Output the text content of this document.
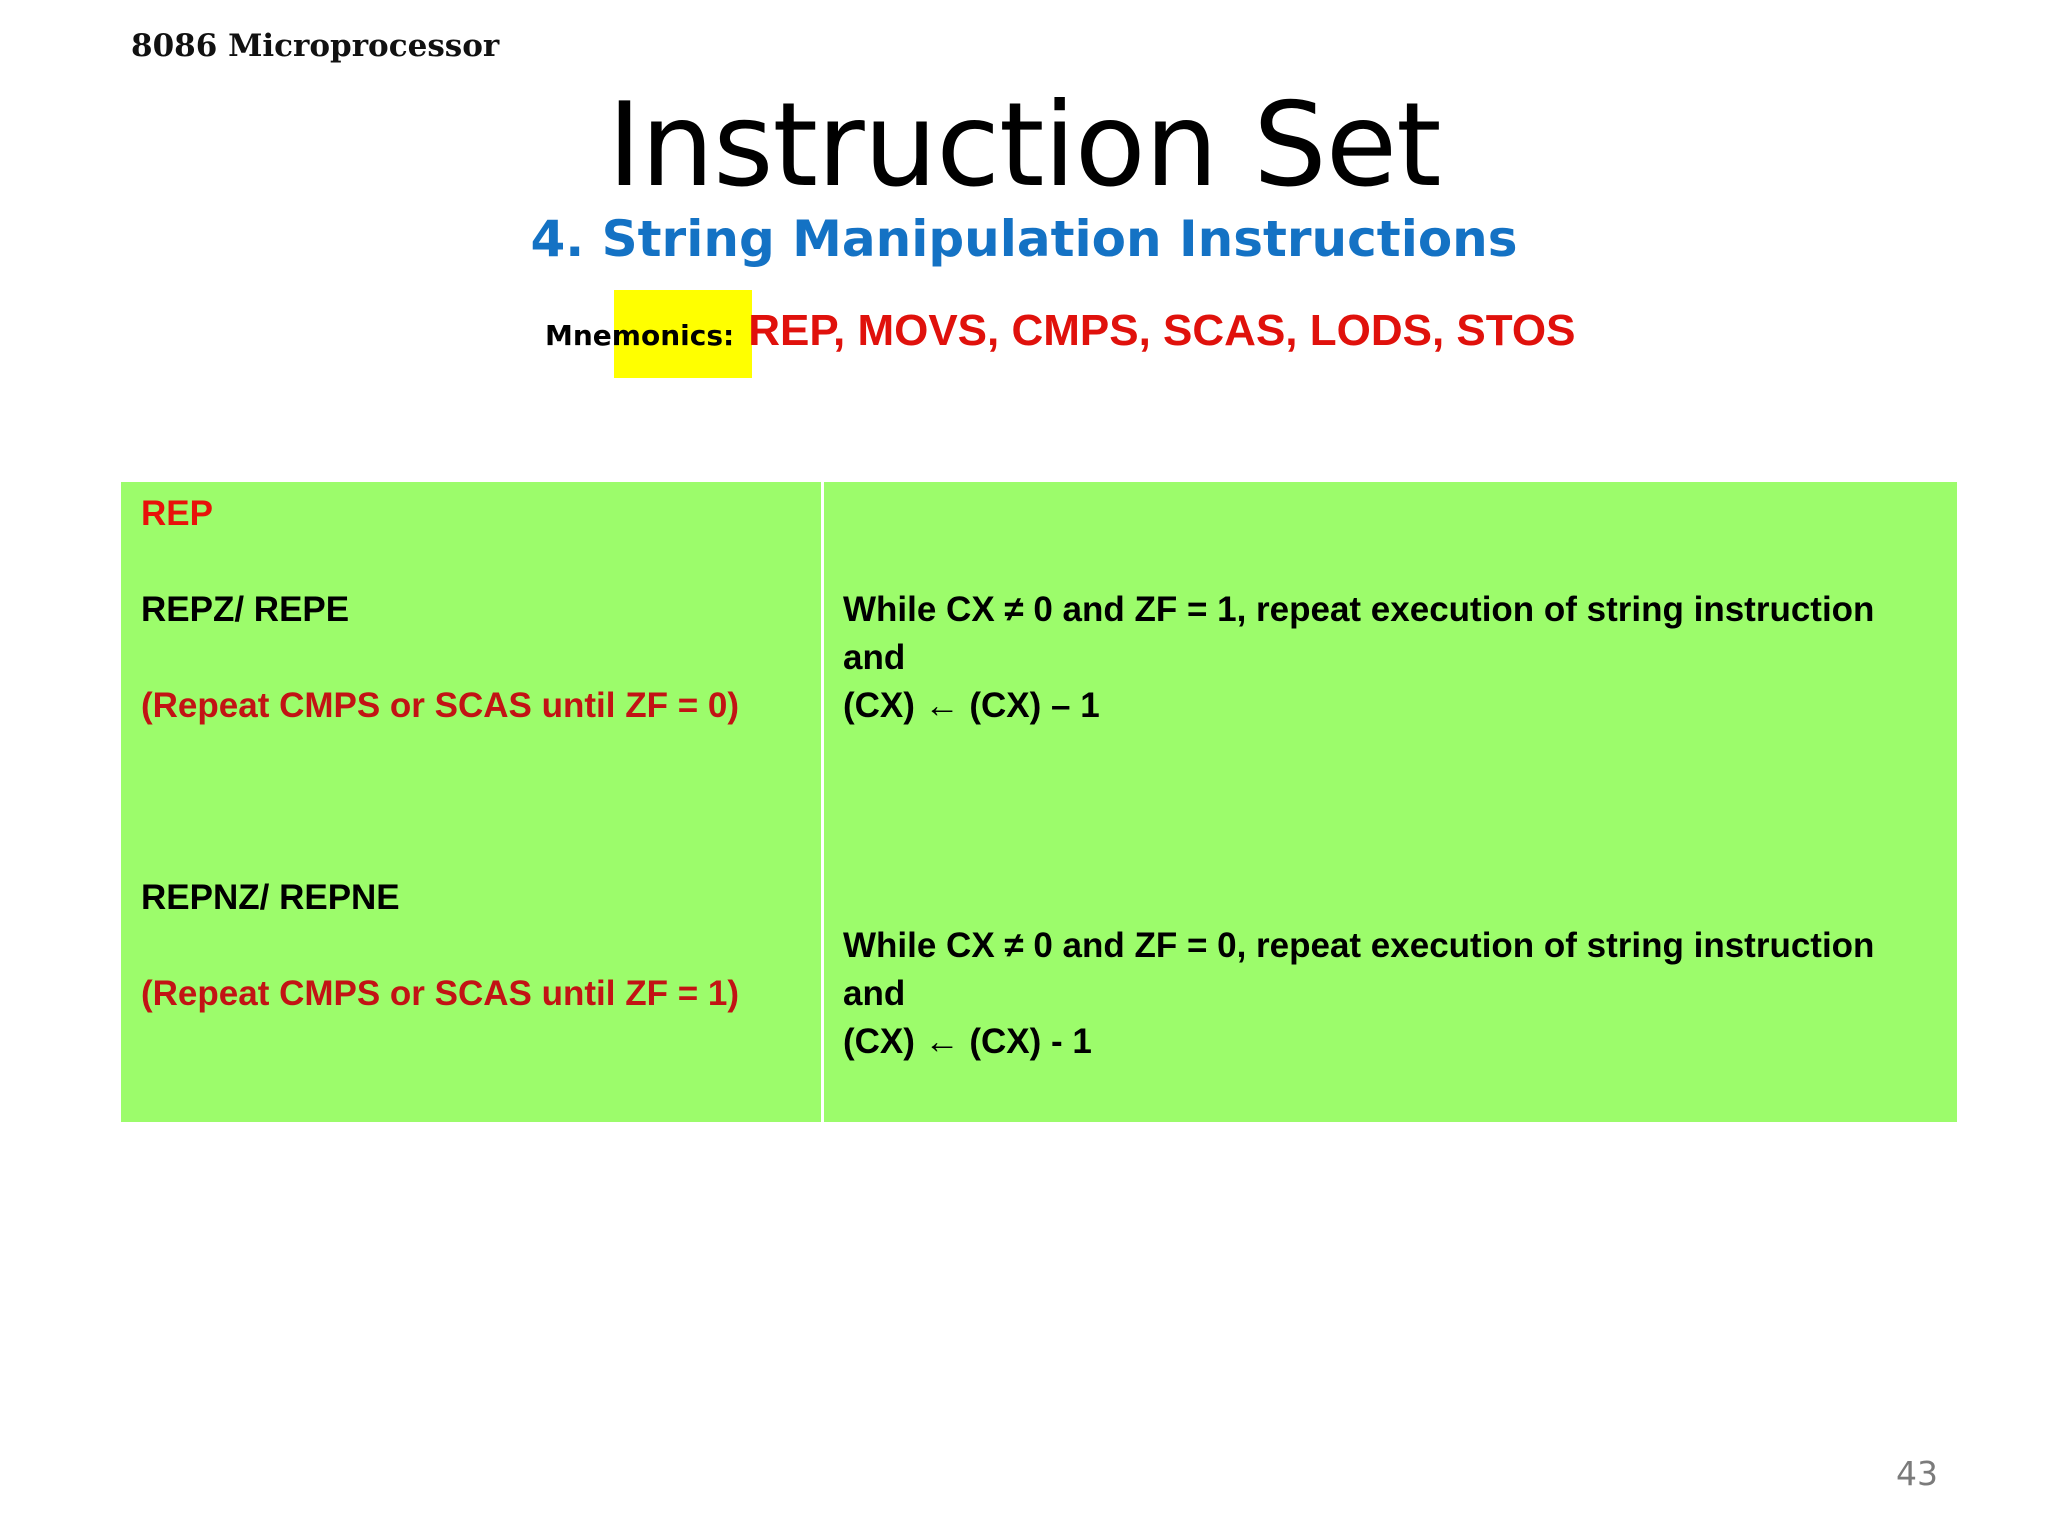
8086 Microprocessor
Instruction Set
4. String Manipulation Instructions
Mnemonics: REP, MOVS, CMPS, SCAS, LODS, STOS
REP
REPZ/ REPE
(Repeat CMPS or SCAS until ZF = 0)
REPNZ/ REPNE
(Repeat CMPS or SCAS until ZF = 1)
While CX ≠ 0 and ZF = 1, repeat execution of string instruction
and
(CX) ← (CX) – 1
While CX ≠ 0 and ZF = 0, repeat execution of string instruction
and
(CX) ← (CX) - 1
43
